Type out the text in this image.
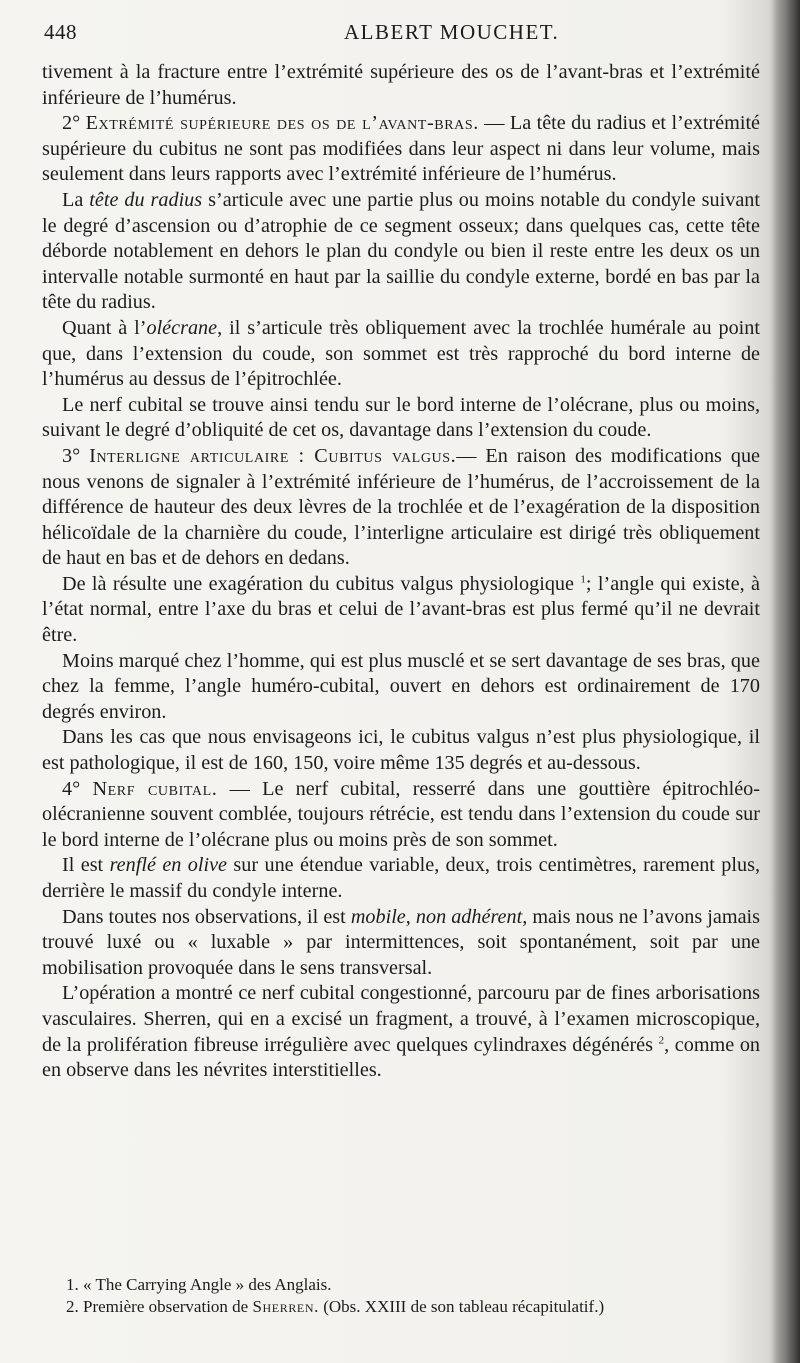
448	ALBERT MOUCHET.

tivement à la fracture entre l’extrémité supérieure des os de l’avant-bras et l’extrémité inférieure de l’humérus.

2° Extrémité supérieure des os de l’avant-bras. — La tête du radius et l’extrémité supérieure du cubitus ne sont pas modifiées dans leur aspect ni dans leur volume, mais seulement dans leurs rapports avec l’extrémité inférieure de l’humérus.

La tête du radius s’articule avec une partie plus ou moins notable du condyle suivant le degré d’ascension ou d’atrophie de ce segment osseux; dans quelques cas, cette tête déborde notablement en dehors le plan du condyle ou bien il reste entre les deux os un intervalle notable surmonté en haut par la saillie du condyle externe, bordé en bas par la tête du radius.

Quant à l’olécrane, il s’articule très obliquement avec la trochlée humérale au point que, dans l’extension du coude, son sommet est très rapproché du bord interne de l’humérus au dessus de l’épitrochlée.

Le nerf cubital se trouve ainsi tendu sur le bord interne de l’olécrane, plus ou moins, suivant le degré d’obliquité de cet os, davantage dans l’extension du coude.

3° Interligne articulaire : Cubitus valgus.— En raison des modifications que nous venons de signaler à l’extrémité inférieure de l’humérus, de l’accroissement de la différence de hauteur des deux lèvres de la trochlée et de l’exagération de la disposition hélicoïdale de la charnière du coude, l’interligne articulaire est dirigé très obliquement de haut en bas et de dehors en dedans.

De là résulte une exagération du cubitus valgus physiologique $^1$; l’angle qui existe, à l’état normal, entre l’axe du bras et celui de l’avant-bras est plus fermé qu’il ne devrait être.

Moins marqué chez l’homme, qui est plus musclé et se sert davantage de ses bras, que chez la femme, l’angle huméro-cubital, ouvert en dehors est ordinairement de 170 degrés environ.

Dans les cas que nous envisageons ici, le cubitus valgus n’est plus physiologique, il est pathologique, il est de 160, 150, voire même 135 degrés et au-dessous.

4° Nerf cubital. — Le nerf cubital, resserré dans une gouttière épitrochléo-olécranienne souvent comblée, toujours rétrécie, est tendu dans l’extension du coude sur le bord interne de l’olécrane plus ou moins près de son sommet.

Il est renflé en olive sur une étendue variable, deux, trois centimètres, rarement plus, derrière le massif du condyle interne.

Dans toutes nos observations, il est mobile, non adhérent, mais nous ne l’avons jamais trouvé luxé ou « luxable » par intermittences, soit spontanément, soit par une mobilisation provoquée dans le sens transversal.

L’opération a montré ce nerf cubital congestionné, parcouru par de fines arborisations vasculaires. Sherren, qui en a excisé un fragment, a trouvé, à l’examen microscopique, de la prolifération fibreuse irrégulière avec quelques cylindraxes dégénérés $^2$, comme on en observe dans les névrites interstitielles.

1. « The Carrying Angle » des Anglais.
2. Première observation de Sherren. (Obs. XXIII de son tableau récapitulatif.)
